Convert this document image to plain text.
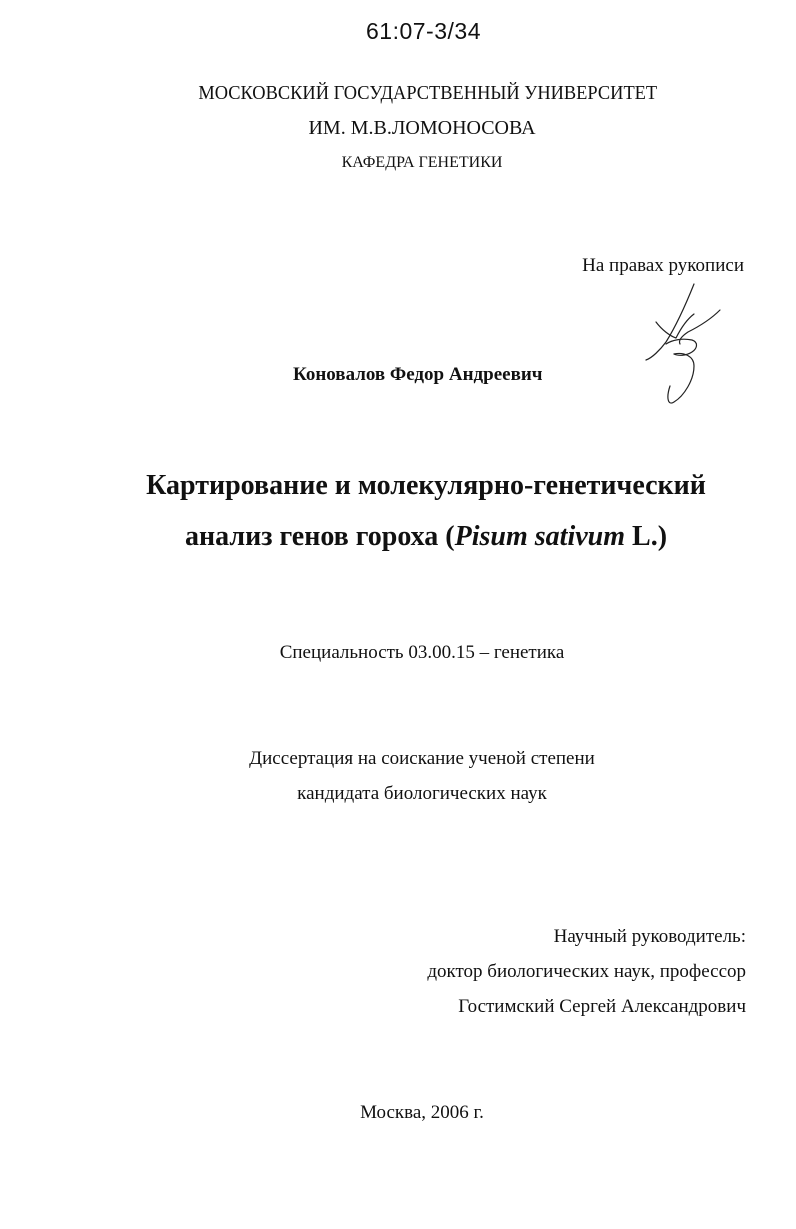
61:07-3/34
МОСКОВСКИЙ ГОСУДАРСТВЕННЫЙ УНИВЕРСИТЕТ
ИМ. М.В.ЛОМОНОСОВА
КАФЕДРА ГЕНЕТИКИ
На правах рукописи
Коновалов Федор Андреевич
Картирование и молекулярно-генетический
анализ генов гороха (Pisum sativum L.)
Специальность 03.00.15 – генетика
Диссертация на соискание ученой степени
кандидата биологических наук
Научный руководитель:
доктор биологических наук, профессор
Гостимский Сергей Александрович
Москва, 2006 г.
